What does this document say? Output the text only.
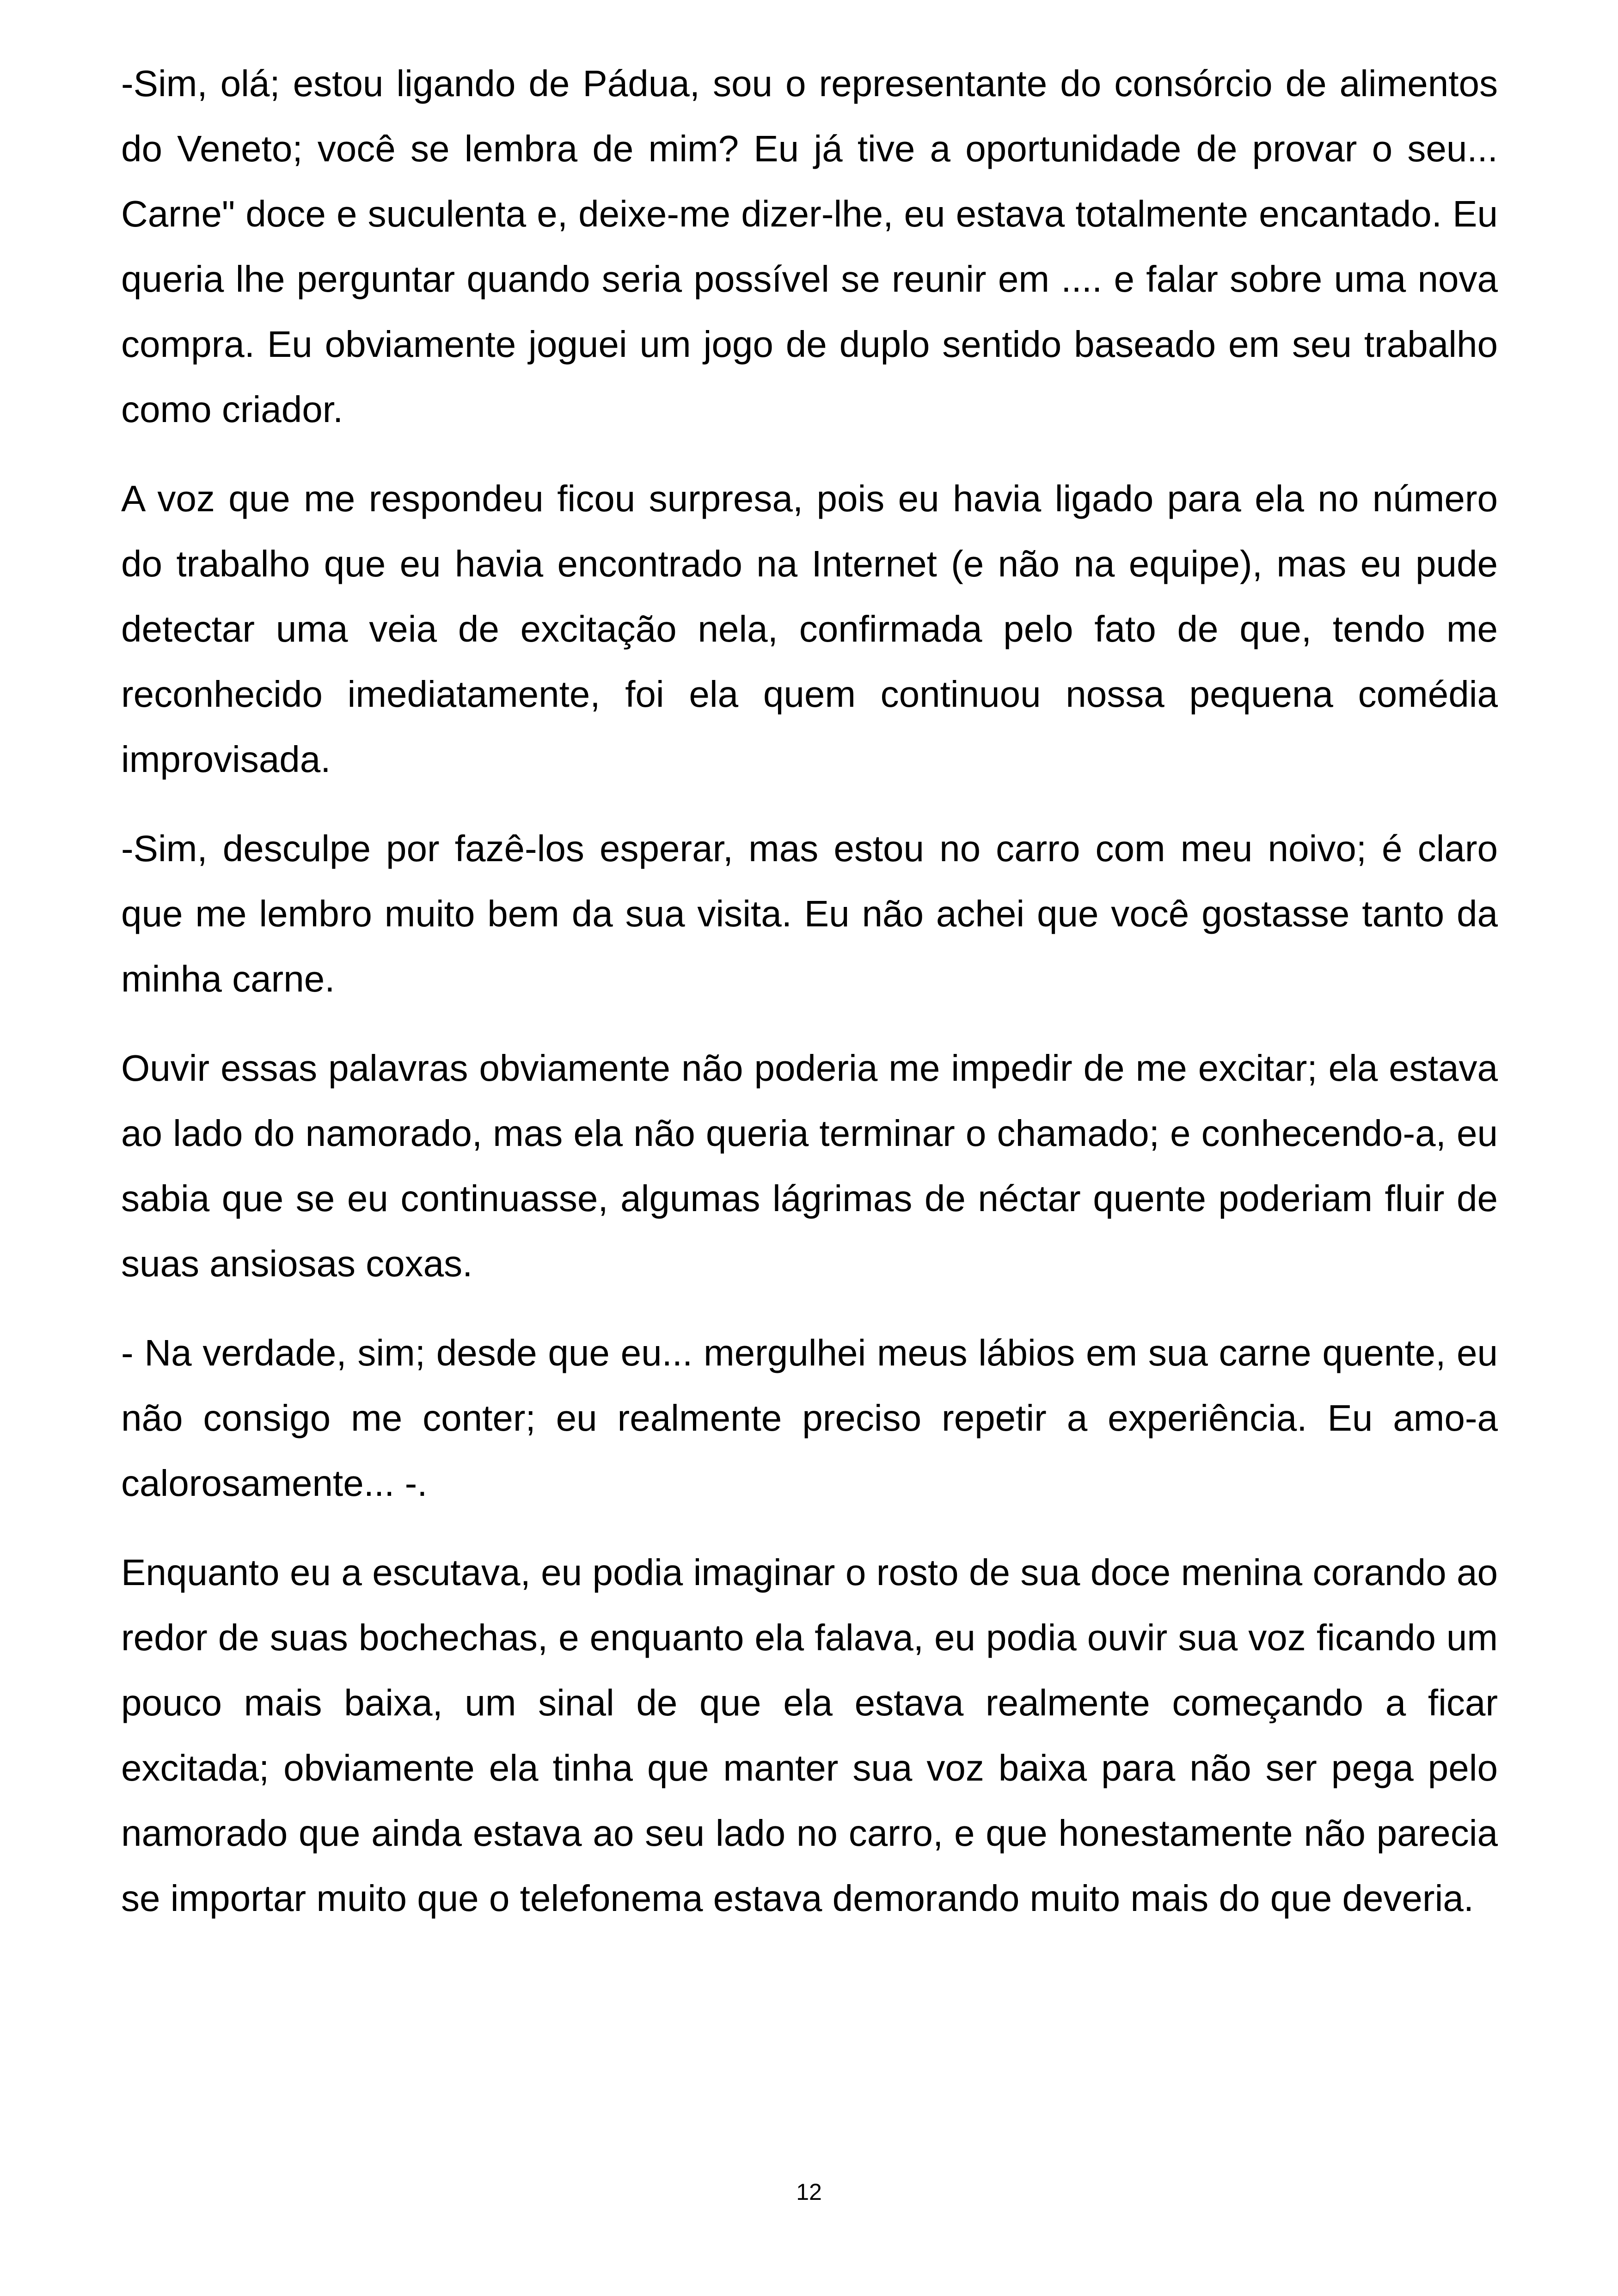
-Sim, olá; estou ligando de Pádua, sou o representante do consórcio de alimentos do Veneto; você se lembra de mim? Eu já tive a oportunidade de provar o seu... Carne" doce e suculenta e, deixe-me dizer-lhe, eu estava totalmente encantado. Eu queria lhe perguntar quando seria possível se reunir em .... e falar sobre uma nova compra. Eu obviamente joguei um jogo de duplo sentido baseado em seu trabalho como criador.

A voz que me respondeu ficou surpresa, pois eu havia ligado para ela no número do trabalho que eu havia encontrado na Internet (e não na equipe), mas eu pude detectar uma veia de excitação nela, confirmada pelo fato de que, tendo me reconhecido imediatamente, foi ela quem continuou nossa pequena comédia improvisada.

-Sim, desculpe por fazê-los esperar, mas estou no carro com meu noivo; é claro que me lembro muito bem da sua visita. Eu não achei que você gostasse tanto da minha carne.

Ouvir essas palavras obviamente não poderia me impedir de me excitar; ela estava ao lado do namorado, mas ela não queria terminar o chamado; e conhecendo-a, eu sabia que se eu continuasse, algumas lágrimas de néctar quente poderiam fluir de suas ansiosas coxas.

- Na verdade, sim; desde que eu... mergulhei meus lábios em sua carne quente, eu não consigo me conter; eu realmente preciso repetir a experiência. Eu amo-a calorosamente... -.

Enquanto eu a escutava, eu podia imaginar o rosto de sua doce menina corando ao redor de suas bochechas, e enquanto ela falava, eu podia ouvir sua voz ficando um pouco mais baixa, um sinal de que ela estava realmente começando a ficar excitada; obviamente ela tinha que manter sua voz baixa para não ser pega pelo namorado que ainda estava ao seu lado no carro, e que honestamente não parecia se importar muito que o telefonema estava demorando muito mais do que deveria.

12
